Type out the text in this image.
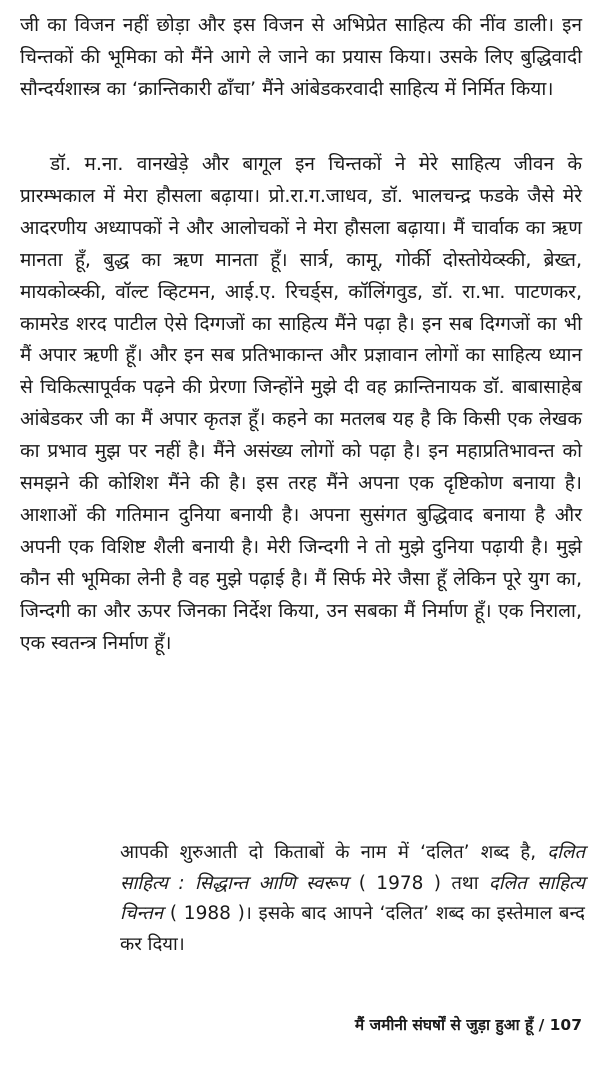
जी का विजन नहीं छोड़ा और इस विजन से अभिप्रेत साहित्य की नींव डाली। इन चिन्तकों की भूमिका को मैंने आगे ले जाने का प्रयास किया। उसके लिए बुद्धिवादी सौन्दर्यशास्त्र का ‘क्रान्तिकारी ढाँचा’ मैंने आंबेडकरवादी साहित्य में निर्मित किया।

डॉ. म.ना. वानखेड़े और बागूल इन चिन्तकों ने मेरे साहित्य जीवन के प्रारम्भकाल में मेरा हौसला बढ़ाया। प्रो.रा.ग.जाधव, डॉ. भालचन्द्र फडके जैसे मेरे आदरणीय अध्यापकों ने और आलोचकों ने मेरा हौसला बढ़ाया। मैं चार्वाक का ऋण मानता हूँ, बुद्ध का ऋण मानता हूँ। सार्त्र, कामू, गोर्की दोस्तोयेव्स्की, ब्रेख्त, मायकोव्स्की, वॉल्ट व्हिटमन, आई.ए. रिचर्ड्स, कॉलिंगवुड, डॉ. रा.भा. पाटणकर, कामरेड शरद पाटील ऐसे दिग्गजों का साहित्य मैंने पढ़ा है। इन सब दिग्गजों का भी मैं अपार ऋणी हूँ। और इन सब प्रतिभाकान्त और प्रज्ञावान लोगों का साहित्य ध्यान से चिकित्सापूर्वक पढ़ने की प्रेरणा जिन्होंने मुझे दी वह क्रान्तिनायक डॉ. बाबासाहेब आंबेडकर जी का मैं अपार कृतज्ञ हूँ। कहने का मतलब यह है कि किसी एक लेखक का प्रभाव मुझ पर नहीं है। मैंने असंख्य लोगों को पढ़ा है। इन महाप्रतिभावन्त को समझने की कोशिश मैंने की है। इस तरह मैंने अपना एक दृष्टिकोण बनाया है। आशाओं की गतिमान दुनिया बनायी है। अपना सुसंगत बुद्धिवाद बनाया है और अपनी एक विशिष्ट शैली बनायी है। मेरी जिन्दगी ने तो मुझे दुनिया पढ़ायी है। मुझे कौन सी भूमिका लेनी है वह मुझे पढ़ाई है। मैं सिर्फ मेरे जैसा हूँ लेकिन पूरे युग का, जिन्दगी का और ऊपर जिनका निर्देश किया, उन सबका मैं निर्माण हूँ। एक निराला, एक स्वतन्त्र निर्माण हूँ।

आपकी शुरुआती दो किताबों के नाम में ‘दलित’ शब्द है, दलित साहित्य : सिद्धान्त आणि स्वरूप ( 1978 ) तथा दलित साहित्य चिन्तन ( 1988 )। इसके बाद आपने ‘दलित’ शब्द का इस्तेमाल बन्द कर दिया।

मैं जमीनी संघर्षों से जुड़ा हुआ हूँ / 107
